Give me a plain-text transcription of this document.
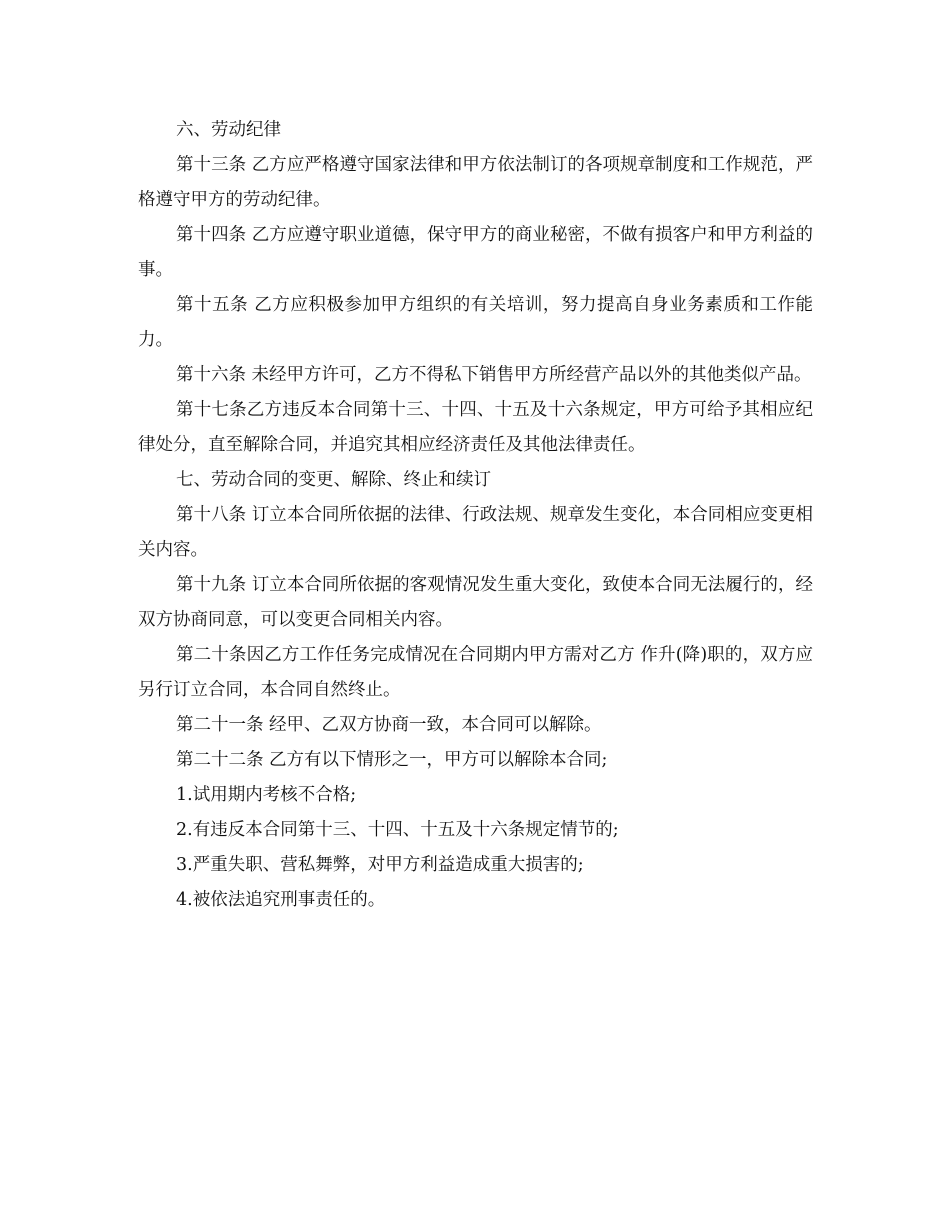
六、劳动纪律

第十三条 乙方应严格遵守国家法律和甲方依法制订的各项规章制度和工作规范，严格遵守甲方的劳动纪律。

第十四条 乙方应遵守职业道德，保守甲方的商业秘密，不做有损客户和甲方利益的事。

第十五条 乙方应积极参加甲方组织的有关培训，努力提高自身业务素质和工作能力。

第十六条 未经甲方许可，乙方不得私下销售甲方所经营产品以外的其他类似产品。

第十七条乙方违反本合同第十三、十四、十五及十六条规定，甲方可给予其相应纪律处分，直至解除合同，并追究其相应经济责任及其他法律责任。

七、劳动合同的变更、解除、终止和续订

第十八条 订立本合同所依据的法律、行政法规、规章发生变化，本合同相应变更相关内容。

第十九条 订立本合同所依据的客观情况发生重大变化，致使本合同无法履行的，经双方协商同意，可以变更合同相关内容。

第二十条因乙方工作任务完成情况在合同期内甲方需对乙方 作升(降)职的，双方应另行订立合同，本合同自然终止。

第二十一条 经甲、乙双方协商一致，本合同可以解除。

第二十二条 乙方有以下情形之一，甲方可以解除本合同;

1.试用期内考核不合格;

2.有违反本合同第十三、十四、十五及十六条规定情节的;

3.严重失职、营私舞弊，对甲方利益造成重大损害的;

4.被依法追究刑事责任的。
